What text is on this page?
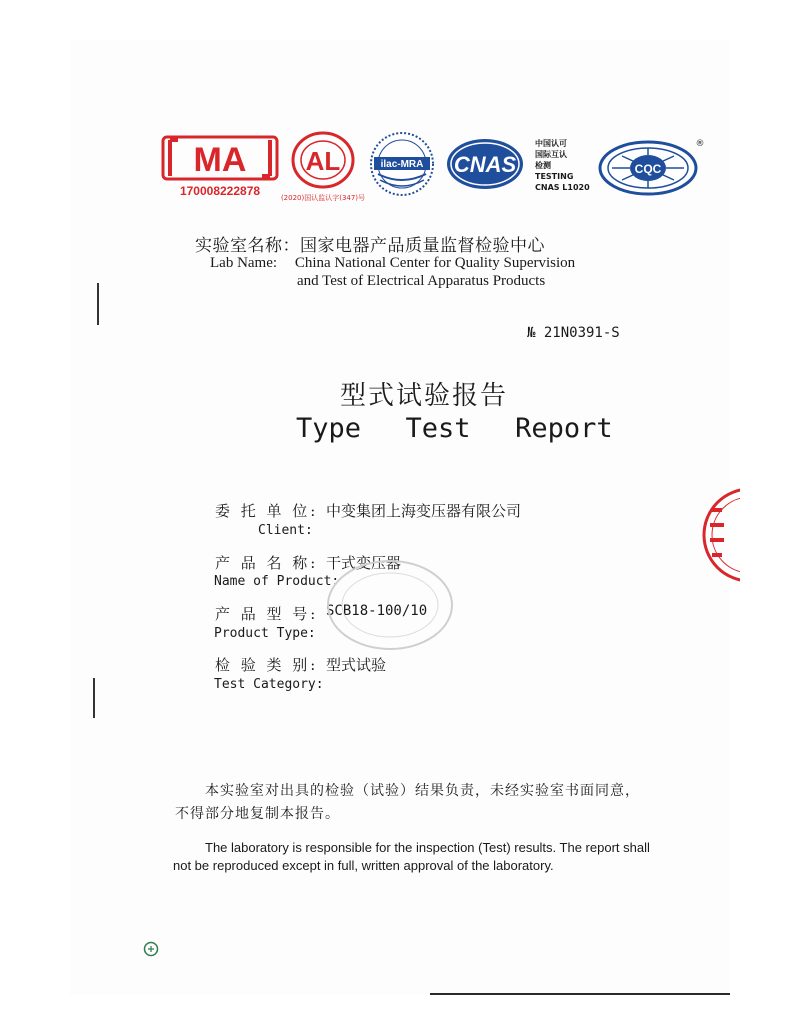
MA
170008222878
AL
(2020)国认监认字(347)号
ilac-MRA CNAS
中国认可
国际互认
检测
TESTING
CNAS L1020
CQC
®
实验室名称：国家电器产品质量监督检验中心
Lab Name: China National Center for Quality Supervision
and Test of Electrical Apparatus Products
№ 21N0391-S
型式试验报告
Type  Test  Report
委 托 单 位: 中变集团上海变压器有限公司
Client:
产 品 名 称: 干式变压器
Name of Product:
产 品 型 号: SCB18-100/10
Product Type:
检 验 类 别: 型式试验
Test Category:
本实验室对出具的检验（试验）结果负责，未经实验室书面同意，
不得部分地复制本报告。
The laboratory is responsible for the inspection (Test) results. The report shall
not be reproduced except in full, written approval of the laboratory.
